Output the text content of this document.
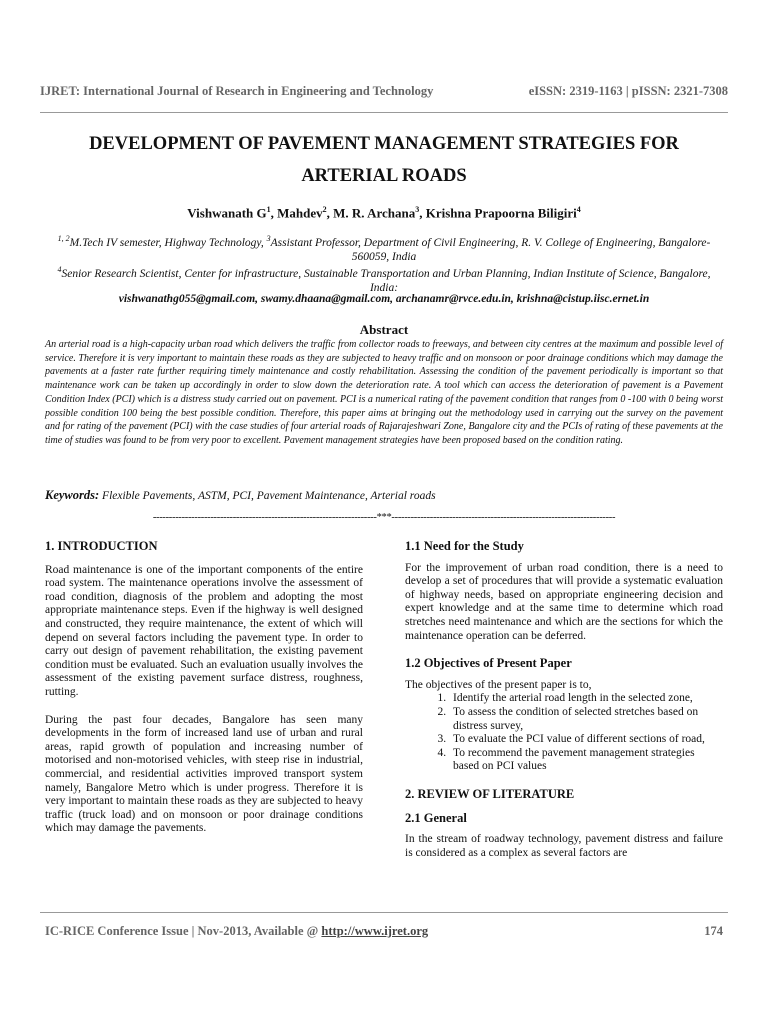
IJRET: International Journal of Research in Engineering and Technology	eISSN: 2319-1163 | pISSN: 2321-7308
DEVELOPMENT OF PAVEMENT MANAGEMENT STRATEGIES FOR
ARTERIAL ROADS
Vishwanath $G^1$, Mahdev$^2$, M. R. Archana$^3$, Krishna Prapoorna Biligiri$^4$
$^{1, 2}$M.Tech IV semester, Highway Technology, $^3$Assistant Professor, Department of Civil Engineering, R. V. College of Engineering, Bangalore-560059, India
$^4$Senior Research Scientist, Center for infrastructure, Sustainable Transportation and Urban Planning, Indian Institute of Science, Bangalore, India:
vishwanathg055@gmail.com, swamy.dhaana@gmail.com, archanamr@rvce.edu.in, krishna@cistup.iisc.ernet.in
Abstract
An arterial road is a high-capacity urban road which delivers the traffic from collector roads to freeways, and between city centres at the maximum and possible level of service. Therefore it is very important to maintain these roads as they are subjected to heavy traffic and on monsoon or poor drainage conditions which may damage the pavements at a faster rate further requiring timely maintenance and costly rehabilitation. Assessing the condition of the pavement periodically is important so that maintenance work can be taken up accordingly in order to slow down the deterioration rate. A tool which can access the deterioration of pavement is a Pavement Condition Index (PCI) which is a distress study carried out on pavement. PCI is a numerical rating of the pavement condition that ranges from 0 -100 with 0 being worst possible condition 100 being the best possible condition. Therefore, this paper aims at bringing out the methodology used in carrying out the survey on the pavement and for rating of the pavement (PCI) with the case studies of four arterial roads of Rajarajeshwari Zone, Bangalore city and the PCIs of rating of these pavements at the time of studies was found to be from very poor to excellent. Pavement management strategies have been proposed based on the condition rating.
Keywords: Flexible Pavements, ASTM, PCI, Pavement Maintenance, Arterial roads
----------------------------------------------------------------------***----------------------------------------------------------------------
1. INTRODUCTION

Road maintenance is one of the important components of the entire road system. The maintenance operations involve the assessment of road condition, diagnosis of the problem and adopting the most appropriate maintenance steps. Even if the highway is well designed and constructed, they require maintenance, the extent of which will depend on several factors including the pavement type. In order to carry out design of pavement rehabilitation, the existing pavement condition must be evaluated. Such an evaluation usually involves the assessment of the existing pavement surface distress, roughness, rutting.

During the past four decades, Bangalore has seen many developments in the form of increased land use of urban and rural areas, rapid growth of population and increasing number of motorised and non-motorised vehicles, with steep rise in industrial, commercial, and residential activities improved transport system namely, Bangalore Metro which is under progress. Therefore it is very important to maintain these roads as they are subjected to heavy traffic (truck load) and on monsoon or poor drainage conditions which may damage the pavements.

1.1 Need for the Study

For the improvement of urban road condition, there is a need to develop a set of procedures that will provide a systematic evaluation of highway needs, based on appropriate engineering decision and expert knowledge and at the same time to determine which road stretches need maintenance and which are the sections for which the maintenance operation can be deferred.

1.2 Objectives of Present Paper
The objectives of the present paper is to,
1. Identify the arterial road length in the selected zone,
2. To assess the condition of selected stretches based on distress survey,
3. To evaluate the PCI value of different sections of road,
4. To recommend the pavement management strategies based on PCI values
2. REVIEW OF LITERATURE
2.1 General

In the stream of roadway technology, pavement distress and failure is considered as a complex as several factors are

IC-RICE Conference Issue | Nov-2013, Available @ http://www.ijret.org	174
